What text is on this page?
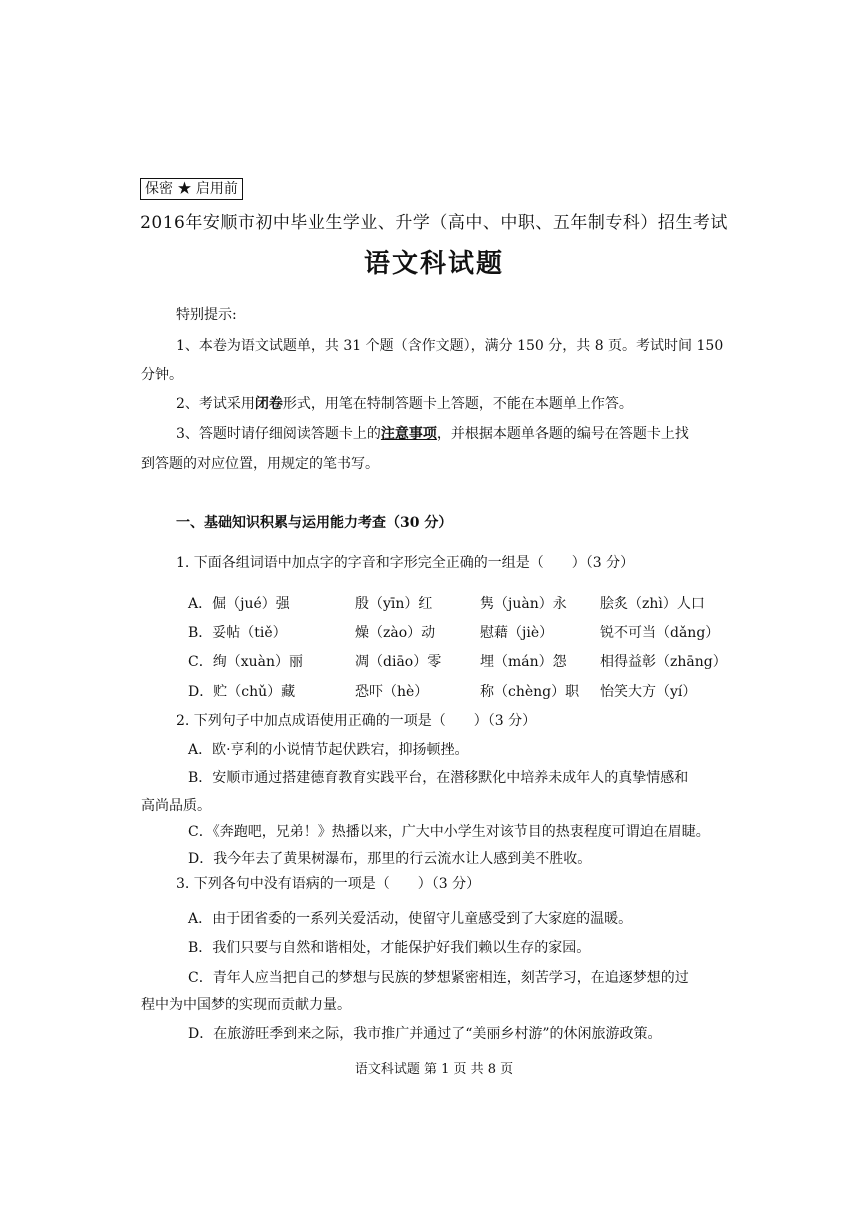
保密 ★ 启用前
2016年安顺市初中毕业生学业、升学（高中、中职、五年制专科）招生考试
语文科试题
特别提示:
1、本卷为语文试题单，共 31 个题（含作文题），满分 150 分，共 8 页。考试时间 150
分钟。
2、考试采用闭卷形式，用笔在特制答题卡上答题，不能在本题单上作答。
3、答题时请仔细阅读答题卡上的注意事项，并根据本题单各题的编号在答题卡上找
到答题的对应位置，用规定的笔书写。
一、基础知识积累与运用能力考查（30 分）
1. 下面各组词语中加点字的字音和字形完全正确的一组是（　　）（3 分）
A．倔（jué）强	殷（yīn）红	隽（juàn）永 脍炙（zhì）人口
B．妥帖（tiě）	燥（zào）动	慰藉（jiè）	锐不可当（dǎng）
C．绚（xuàn）丽	凋（diāo）零	埋（mán）怨 相得益彰（zhāng）
D．贮（chǔ）藏	恐吓（hè）	称（chèng）职 怡笑大方（yí）
2. 下列句子中加点成语使用正确的一项是（　　）（3 分）
A．欧·亨利的小说情节起伏跌宕，抑扬顿挫。
B．安顺市通过搭建德育教育实践平台，在潜移默化中培养未成年人的真挚情感和
高尚品质。
C．《奔跑吧，兄弟！》热播以来，广大中小学生对该节目的热衷程度可谓迫在眉睫。
D．我今年去了黄果树瀑布，那里的行云流水让人感到美不胜收。
3. 下列各句中没有语病的一项是（　　）（3 分）
A．由于团省委的一系列关爱活动，使留守儿童感受到了大家庭的温暖。
B．我们只要与自然和谐相处，才能保护好我们赖以生存的家园。
C．青年人应当把自己的梦想与民族的梦想紧密相连，刻苦学习，在追逐梦想的过
程中为中国梦的实现而贡献力量。
D．在旅游旺季到来之际，我市推广并通过了“美丽乡村游”的休闲旅游政策。
语文科试题 第 1 页 共 8 页
